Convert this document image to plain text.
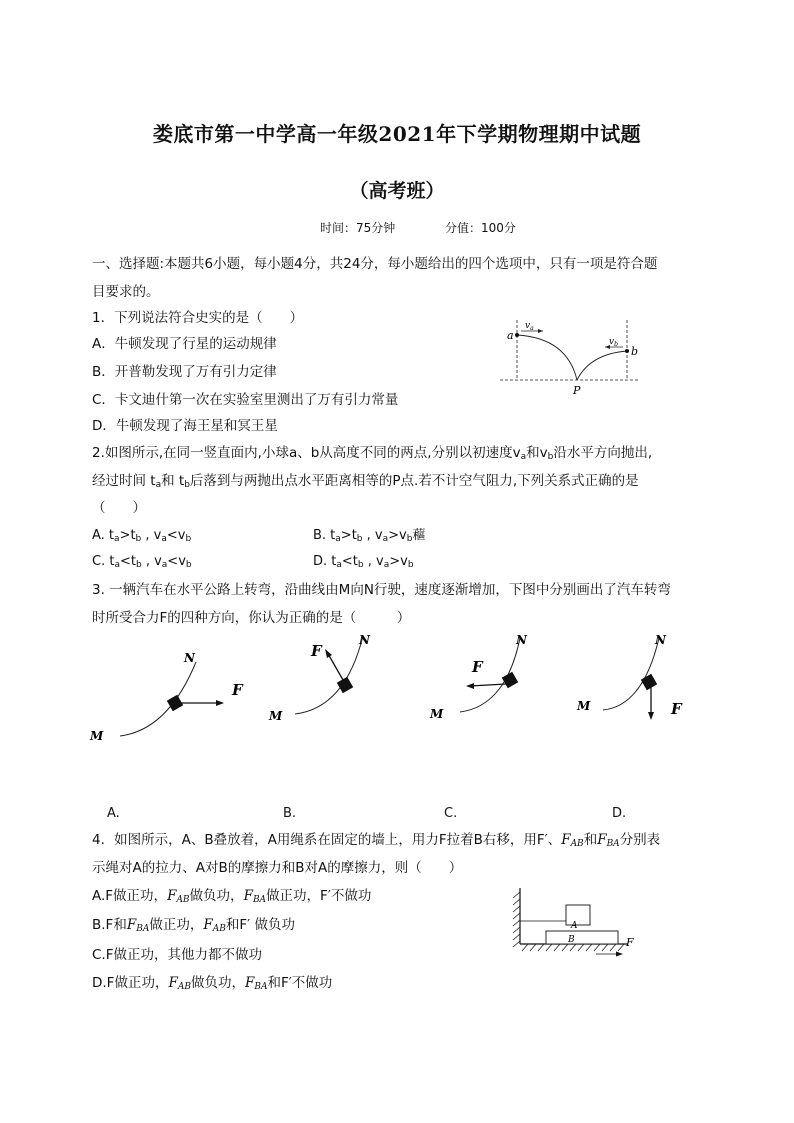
娄底市第一中学高一年级2021年下学期物理期中试题
（高考班）
时间：75分钟	分值：100分
一、选择题:本题共6小题，每小题4分，共24分，每小题给出的四个选项中，只有一项是符合题
目要求的。
1．下列说法符合史实的是（　　）
A．牛顿发现了行星的运动规律
B．开普勒发现了万有引力定律
C．卡文迪什第一次在实验室里测出了万有引力常量
D．牛顿发现了海王星和冥王星
a
b
P
$v_a$
$v_b$
2.如图所示,在同一竖直面内,小球a、b从高度不同的两点,分别以初速度$v_a$和$v_b$沿水平方向抛出,
经过时间 $t_a$和 $t_b$后落到与两抛出点水平距离相等的P点.若不计空气阻力,下列关系式正确的是
（　　）
A. $t_a>t_b$ , $v_a<v_b$	B. $t_a>t_b$ , $v_a>v_b$藲
C. $t_a<t_b$ , $v_a<v_b$	D. $t_a<t_b$ , $v_a>v_b$
3. 一辆汽车在水平公路上转弯，沿曲线由M向N行驶，速度逐渐增加，下图中分别画出了汽车转弯
时所受合力F的四种方向，你认为正确的是（　　　）
M
N
F
M
N
F
M
N
F
M
N
F
A.	B.	C.	D.
4．如图所示，A、B叠放着，A用绳系在固定的墙上，用力F拉着B右移，用F′、$F_{AB}$和$F_{BA}$分别表
示绳对A的拉力、A对B的摩擦力和B对A的摩擦力，则（　　）
A.F做正功，$F_{AB}$做负功，$F_{BA}$做正功，F′不做功
B.F和$F_{BA}$做正功，$F_{AB}$和F′ 做负功
C.F做正功，其他力都不做功
D.F做正功，$F_{AB}$做负功，$F_{BA}$和F′不做功
A
B	F
